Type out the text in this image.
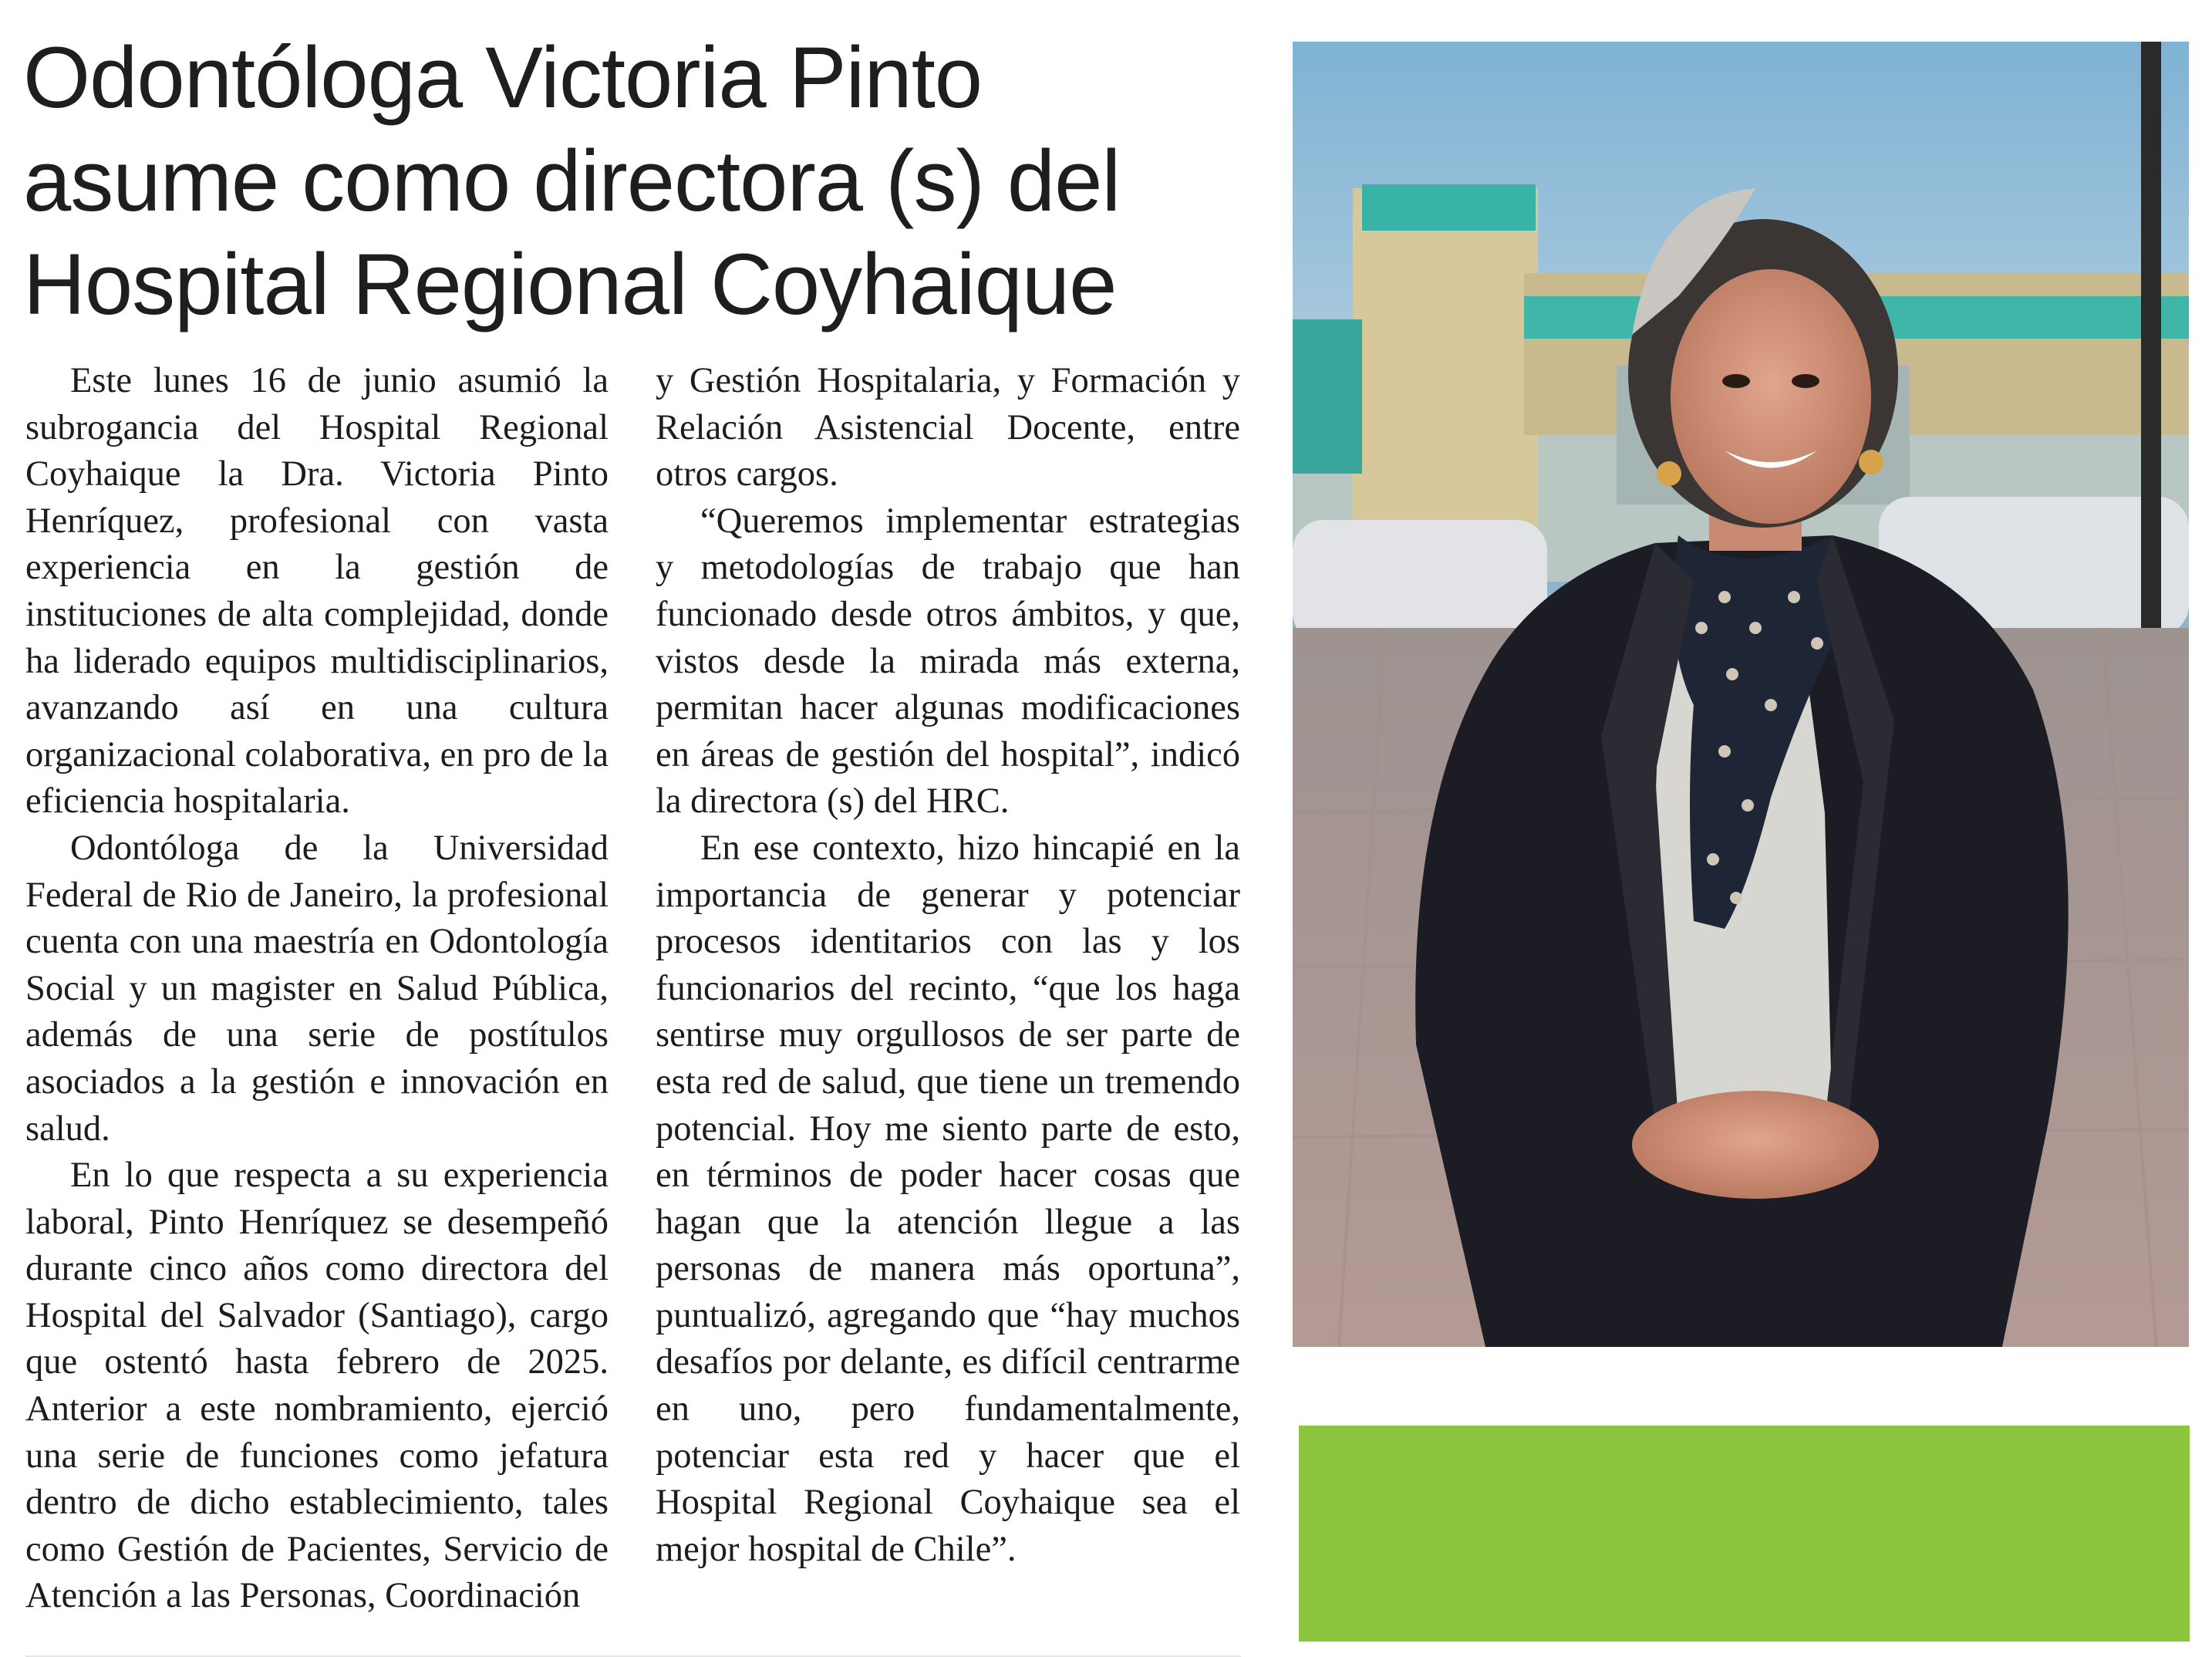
Odontóloga Victoria Pinto asume como directora (s) del Hospital Regional Coyhaique

Este lunes 16 de junio asumió la subrogancia del Hospital Regional Coyhaique la Dra. Victoria Pinto Henríquez, profesional con vasta experiencia en la gestión de instituciones de alta complejidad, donde ha liderado equipos multidisciplinarios, avanzando así en una cultura organizacional colaborativa, en pro de la eficiencia hospitalaria.

Odontóloga de la Universidad Federal de Rio de Janeiro, la profesional cuenta con una maestría en Odontología Social y un magister en Salud Pública, además de una serie de postítulos asociados a la gestión e innovación en salud.

En lo que respecta a su experiencia laboral, Pinto Henríquez se desempeñó durante cinco años como directora del Hospital del Salvador (Santiago), cargo que ostentó hasta febrero de 2025. Anterior a este nombramiento, ejerció una serie de funciones como jefatura dentro de dicho establecimiento, tales como Gestión de Pacientes, Servicio de Atención a las Personas, Coordinación

y Gestión Hospitalaria, y Formación y Relación Asistencial Docente, entre otros cargos.

“Queremos implementar estrategias y metodologías de trabajo que han funcionado desde otros ámbitos, y que, vistos desde la mirada más externa, permitan hacer algunas modificaciones en áreas de gestión del hospital”, indicó la directora (s) del HRC.

En ese contexto, hizo hincapié en la importancia de generar y potenciar procesos identitarios con las y los funcionarios del recinto, “que los haga sentirse muy orgullosos de ser parte de esta red de salud, que tiene un tremendo potencial. Hoy me siento parte de esto, en términos de poder hacer cosas que hagan que la atención llegue a las personas de manera más oportuna”, puntualizó, agregando que “hay muchos desafíos por delante, es difícil centrarme en uno, pero fundamentalmente, potenciar esta red y hacer que el Hospital Regional Coyhaique sea el mejor hospital de Chile”.
